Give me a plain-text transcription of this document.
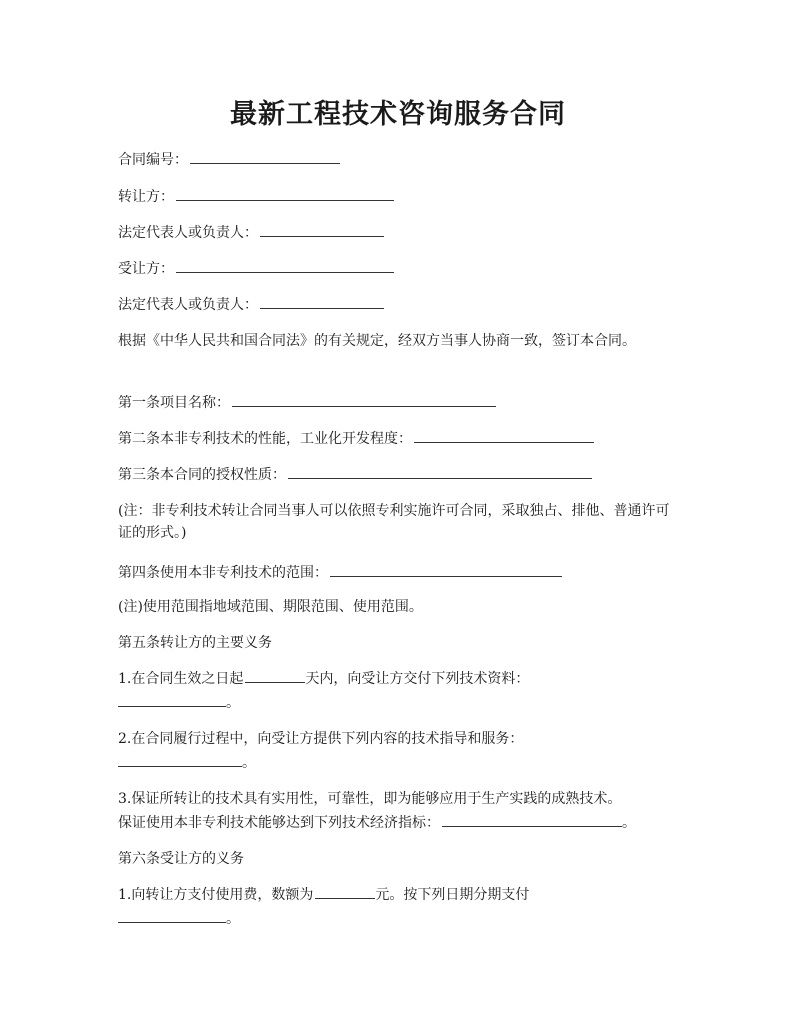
最新工程技术咨询服务合同
合同编号：
转让方：
法定代表人或负责人：
受让方：
法定代表人或负责人：
根据《中华人民共和国合同法》的有关规定，经双方当事人协商一致，签订本合同。
第一条项目名称：
第二条本非专利技术的性能，工业化开发程度：
第三条本合同的授权性质：
(注：非专利技术转让合同当事人可以依照专利实施许可合同，采取独占、排他、普通许可证的形式。)
第四条使用本非专利技术的范围：
(注)使用范围指地域范围、期限范围、使用范围。
第五条转让方的主要义务
1.在合同生效之日起	天内，向受让方交付下列技术资料：
。
2.在合同履行过程中，向受让方提供下列内容的技术指导和服务：
。
3.保证所转让的技术具有实用性，可靠性，即为能够应用于生产实践的成熟技术。
保证使用本非专利技术能够达到下列技术经济指标：	。
第六条受让方的义务
1.向转让方支付使用费，数额为	元。按下列日期分期支付
。
